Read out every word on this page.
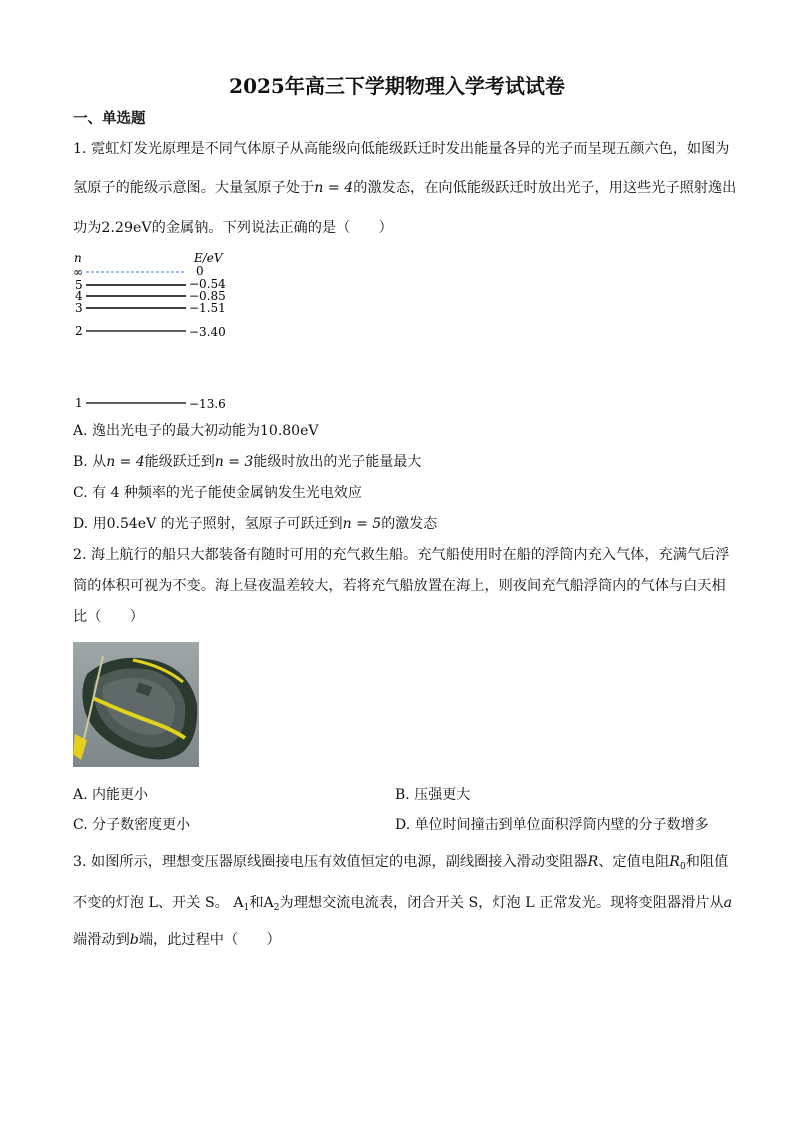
2025年高三下学期物理入学考试试卷
一、单选题
1. 霓虹灯发光原理是不同气体原子从高能级向低能级跃迁时发出能量各异的光子而呈现五颜六色，如图为
氢原子的能级示意图。大量氢原子处于n = 4的激发态，在向低能级跃迁时放出光子，用这些光子照射逸出
功为2.29eV的金属钠。下列说法正确的是（　　）
n	E/eV
∞
5
4
3
2
1
0
−0.54
−0.85
−1.51
−3.40
−13.6
A. 逸出光电子的最大初动能为10.80eV
B. 从n = 4能级跃迁到n = 3能级时放出的光子能量最大
C. 有 4 种频率的光子能使金属钠发生光电效应
D. 用0.54eV 的光子照射，氢原子可跃迁到n = 5的激发态
2. 海上航行的船只大都装备有随时可用的充气救生船。充气船使用时在船的浮筒内充入气体，充满气后浮
筒的体积可视为不变。海上昼夜温差较大，若将充气船放置在海上，则夜间充气船浮筒内的气体与白天相
比（　　）
A. 内能更小	B. 压强更大
C. 分子数密度更小	D. 单位时间撞击到单位面积浮筒内壁的分子数增多
3. 如图所示，理想变压器原线圈接电压有效值恒定的电源，副线圈接入滑动变阻器R、定值电阻$R_0$和阻值
不变的灯泡 L、开关 S。 $A_1$和$A_2$为理想交流电流表，闭合开关 S，灯泡 L 正常发光。现将变阻器滑片从a
端滑动到b端，此过程中（　　）
